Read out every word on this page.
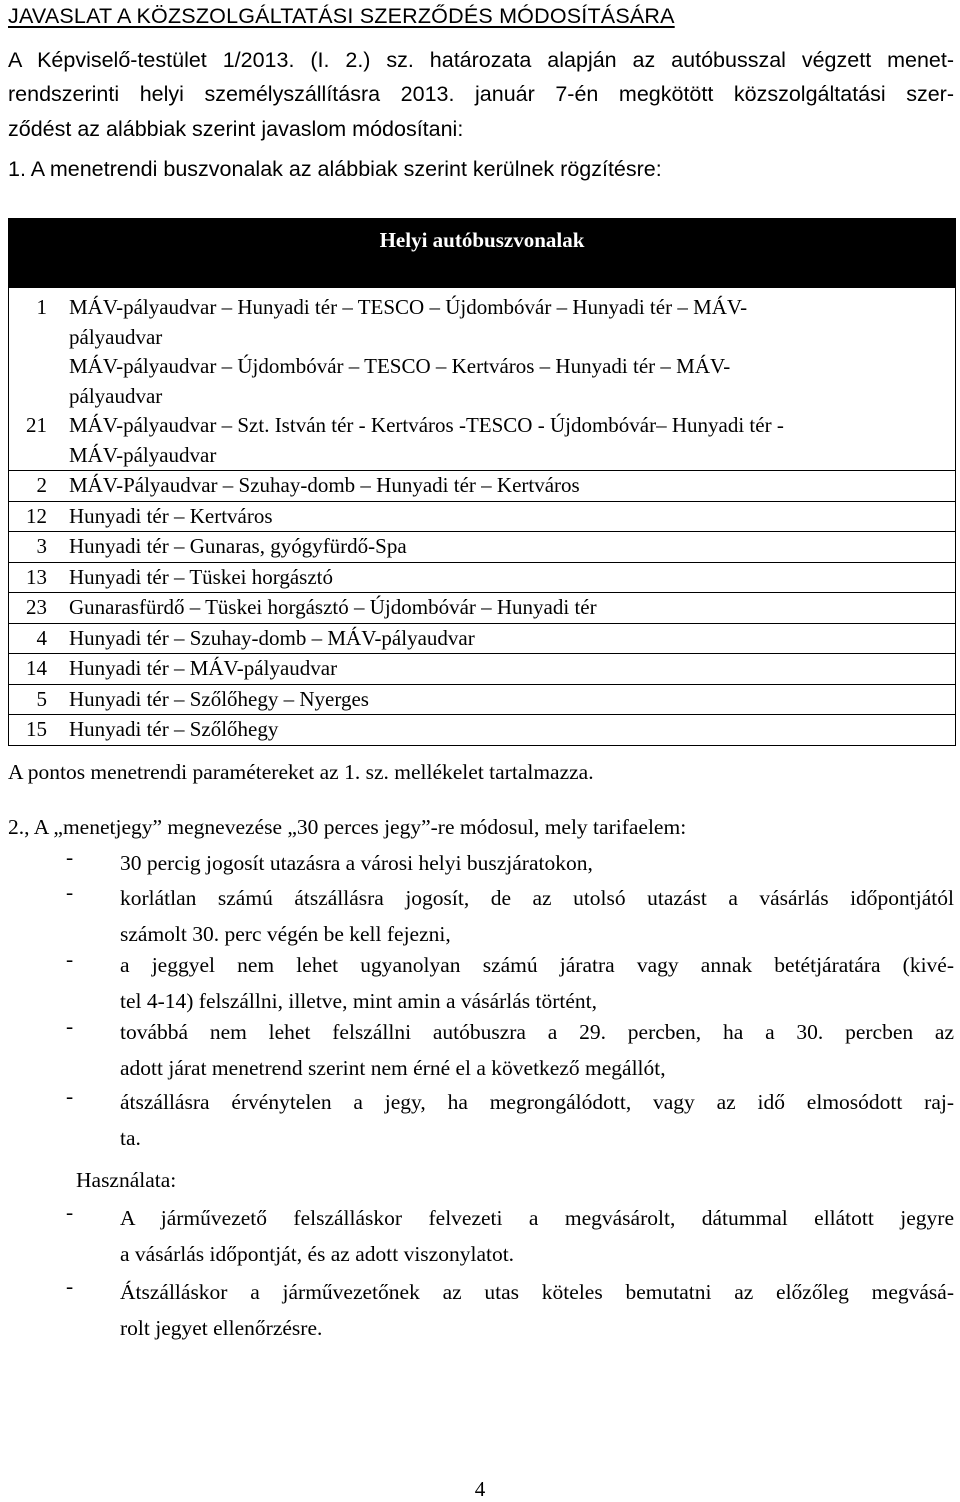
JAVASLAT A KÖZSZOLGÁLTATÁSI SZERZŐDÉS MÓDOSÍTÁSÁRA
A Képviselő-testület 1/2013. (I. 2.) sz. határozata alapján az autóbusszal végzett menet-
rendszerinti helyi személyszállításra 2013. január 7-én megkötött közszolgáltatási szer-
ződést az alábbiak szerint javaslom módosítani:
1. A menetrendi buszvonalak az alábbiak szerint kerülnek rögzítésre:
Helyi autóbuszvonalak
1	MÁV-pályaudvar – Hunyadi tér – TESCO – Újdombóvár – Hunyadi tér – MÁV-
pályaudvar
MÁV-pályaudvar – Újdombóvár – TESCO – Kertváros – Hunyadi tér – MÁV-
pályaudvar
21	MÁV-pályaudvar – Szt. István tér - Kertváros -TESCO - Újdombóvár– Hunyadi tér -
MÁV-pályaudvar
2	MÁV-Pályaudvar – Szuhay-domb – Hunyadi tér – Kertváros
12	Hunyadi tér – Kertváros
3	Hunyadi tér – Gunaras, gyógyfürdő-Spa
13	Hunyadi tér – Tüskei horgásztó
23	Gunarasfürdő – Tüskei horgásztó – Újdombóvár – Hunyadi tér
4	Hunyadi tér – Szuhay-domb – MÁV-pályaudvar
14	Hunyadi tér – MÁV-pályaudvar
5	Hunyadi tér – Szőlőhegy – Nyerges
15	Hunyadi tér – Szőlőhegy
A pontos menetrendi paramétereket az 1. sz. mellékelet tartalmazza.
2., A „menetjegy” megnevezése „30 perces jegy”-re módosul, mely tarifaelem:
- 30 percig jogosít utazásra a városi helyi buszjáratokon,
- korlátlan számú átszállásra jogosít, de az utolsó utazást a vásárlás időpontjától
számolt 30. perc végén be kell fejezni,
- a jeggyel nem lehet ugyanolyan számú járatra vagy annak betétjáratára (kivé-
tel 4-14) felszállni, illetve, mint amin a vásárlás történt,
- továbbá nem lehet felszállni autóbuszra a 29. percben, ha a 30. percben az
adott járat menetrend szerint nem érné el a következő megállót,
- átszállásra érvénytelen a jegy, ha megrongálódott, vagy az idő elmosódott raj-
ta.
Használata:
- A járművezető felszálláskor felvezeti a megvásárolt, dátummal ellátott jegyre
a vásárlás időpontját, és az adott viszonylatot.
- Átszálláskor a járművezetőnek az utas köteles bemutatni az előzőleg megvásá-
rolt jegyet ellenőrzésre.
4
